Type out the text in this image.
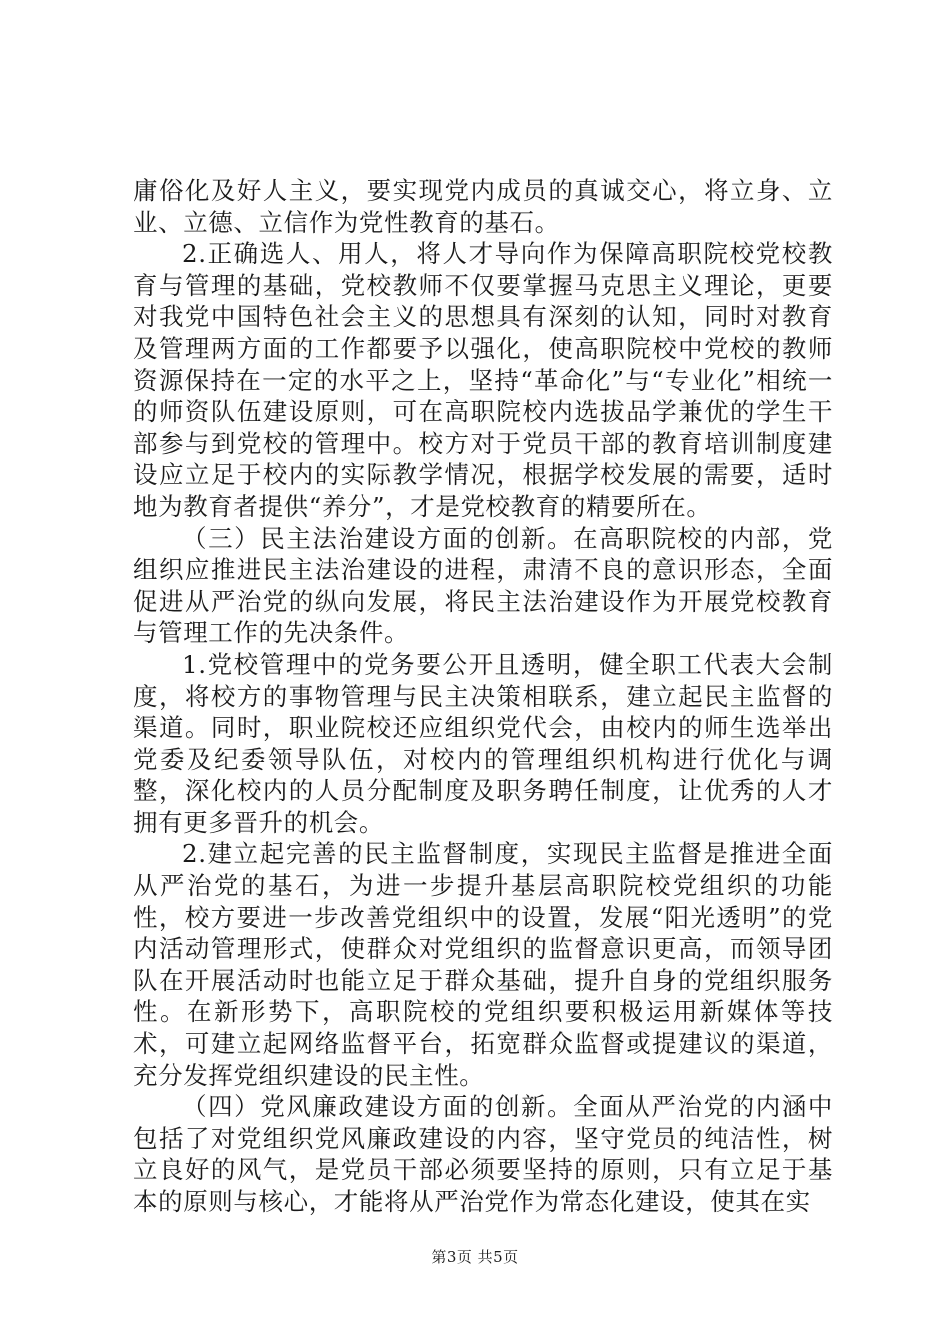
庸俗化及好人主义，要实现党内成员的真诚交心，将立身、立业、立德、立信作为党性教育的基石。

2.正确选人、用人，将人才导向作为保障高职院校党校教育与管理的基础，党校教师不仅要掌握马克思主义理论，更要对我党中国特色社会主义的思想具有深刻的认知，同时对教育及管理两方面的工作都要予以强化，使高职院校中党校的教师资源保持在一定的水平之上，坚持“革命化”与“专业化”相统一的师资队伍建设原则，可在高职院校内选拔品学兼优的学生干部参与到党校的管理中。校方对于党员干部的教育培训制度建设应立足于校内的实际教学情况，根据学校发展的需要，适时地为教育者提供“养分”，才是党校教育的精要所在。

（三）民主法治建设方面的创新。在高职院校的内部，党组织应推进民主法治建设的进程，肃清不良的意识形态，全面促进从严治党的纵向发展，将民主法治建设作为开展党校教育与管理工作的先决条件。

1.党校管理中的党务要公开且透明，健全职工代表大会制度，将校方的事物管理与民主决策相联系，建立起民主监督的渠道。同时，职业院校还应组织党代会，由校内的师生选举出党委及纪委领导队伍，对校内的管理组织机构进行优化与调整，深化校内的人员分配制度及职务聘任制度，让优秀的人才拥有更多晋升的机会。

2.建立起完善的民主监督制度，实现民主监督是推进全面从严治党的基石，为进一步提升基层高职院校党组织的功能性，校方要进一步改善党组织中的设置，发展“阳光透明”的党内活动管理形式，使群众对党组织的监督意识更高，而领导团队在开展活动时也能立足于群众基础，提升自身的党组织服务性。在新形势下，高职院校的党组织要积极运用新媒体等技术，可建立起网络监督平台，拓宽群众监督或提建议的渠道，充分发挥党组织建设的民主性。

（四）党风廉政建设方面的创新。全面从严治党的内涵中包括了对党组织党风廉政建设的内容，坚守党员的纯洁性，树立良好的风气，是党员干部必须要坚持的原则，只有立足于基本的原则与核心，才能将从严治党作为常态化建设，使其在实

第3页 共5页
